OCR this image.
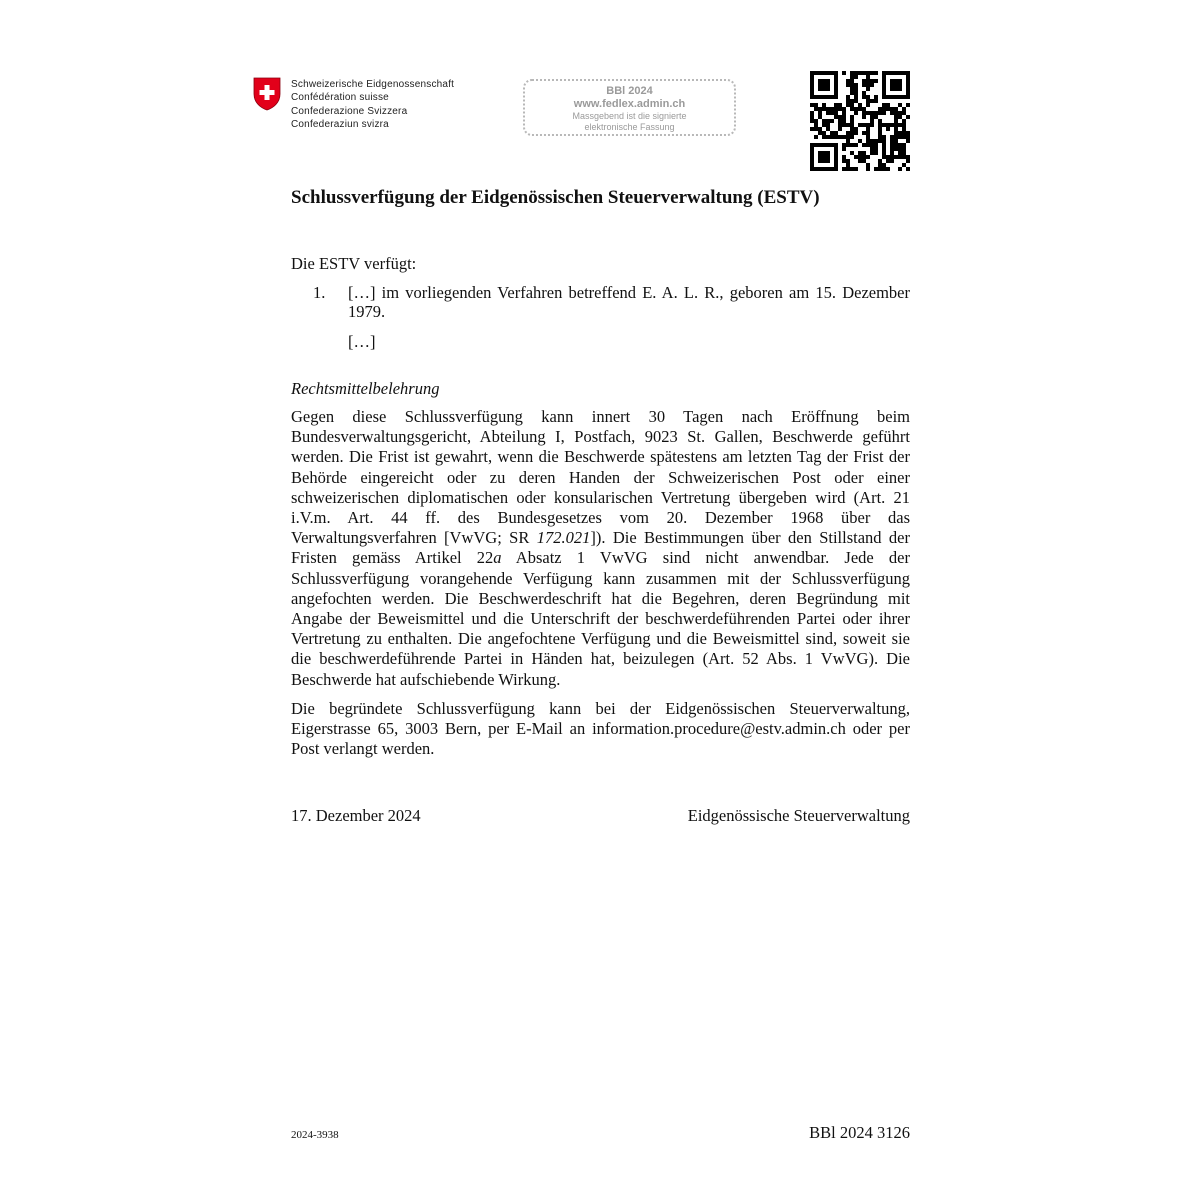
Schweizerische Eidgenossenschaft
Confédération suisse
Confederazione Svizzera
Confederaziun svizra
BBl 2024
www.fedlex.admin.ch
Massgebend ist die signierte
elektronische Fassung
Schlussverfügung der Eidgenössischen Steuerverwaltung (ESTV)
Die ESTV verfügt:
1. […] im vorliegenden Verfahren betreffend E. A. L. R., geboren am 15. Dezember 1979.
[…]
Rechtsmittelbelehrung
Gegen diese Schlussverfügung kann innert 30 Tagen nach Eröffnung beim Bundesverwaltungsgericht, Abteilung I, Postfach, 9023 St. Gallen, Beschwerde geführt werden. Die Frist ist gewahrt, wenn die Beschwerde spätestens am letzten Tag der Frist der Behörde eingereicht oder zu deren Handen der Schweizerischen Post oder einer schweizerischen diplomatischen oder konsularischen Vertretung übergeben wird (Art. 21 i.V.m. Art. 44 ff. des Bundesgesetzes vom 20. Dezember 1968 über das Verwaltungsverfahren [VwVG; SR 172.021]). Die Bestimmungen über den Stillstand der Fristen gemäss Artikel 22a Absatz 1 VwVG sind nicht anwendbar. Jede der Schlussverfügung vorangehende Verfügung kann zusammen mit der Schlussverfügung angefochten werden. Die Beschwerdeschrift hat die Begehren, deren Begründung mit Angabe der Beweismittel und die Unterschrift der beschwerdeführenden Partei oder ihrer Vertretung zu enthalten. Die angefochtene Verfügung und die Beweismittel sind, soweit sie die beschwerdeführende Partei in Händen hat, beizulegen (Art. 52 Abs. 1 VwVG). Die Beschwerde hat aufschiebende Wirkung.
Die begründete Schlussverfügung kann bei der Eidgenössischen Steuerverwaltung, Eigerstrasse 65, 3003 Bern, per E-Mail an information.procedure@estv.admin.ch oder per Post verlangt werden.
17. Dezember 2024	Eidgenössische Steuerverwaltung
2024-3938	BBl 2024 3126
